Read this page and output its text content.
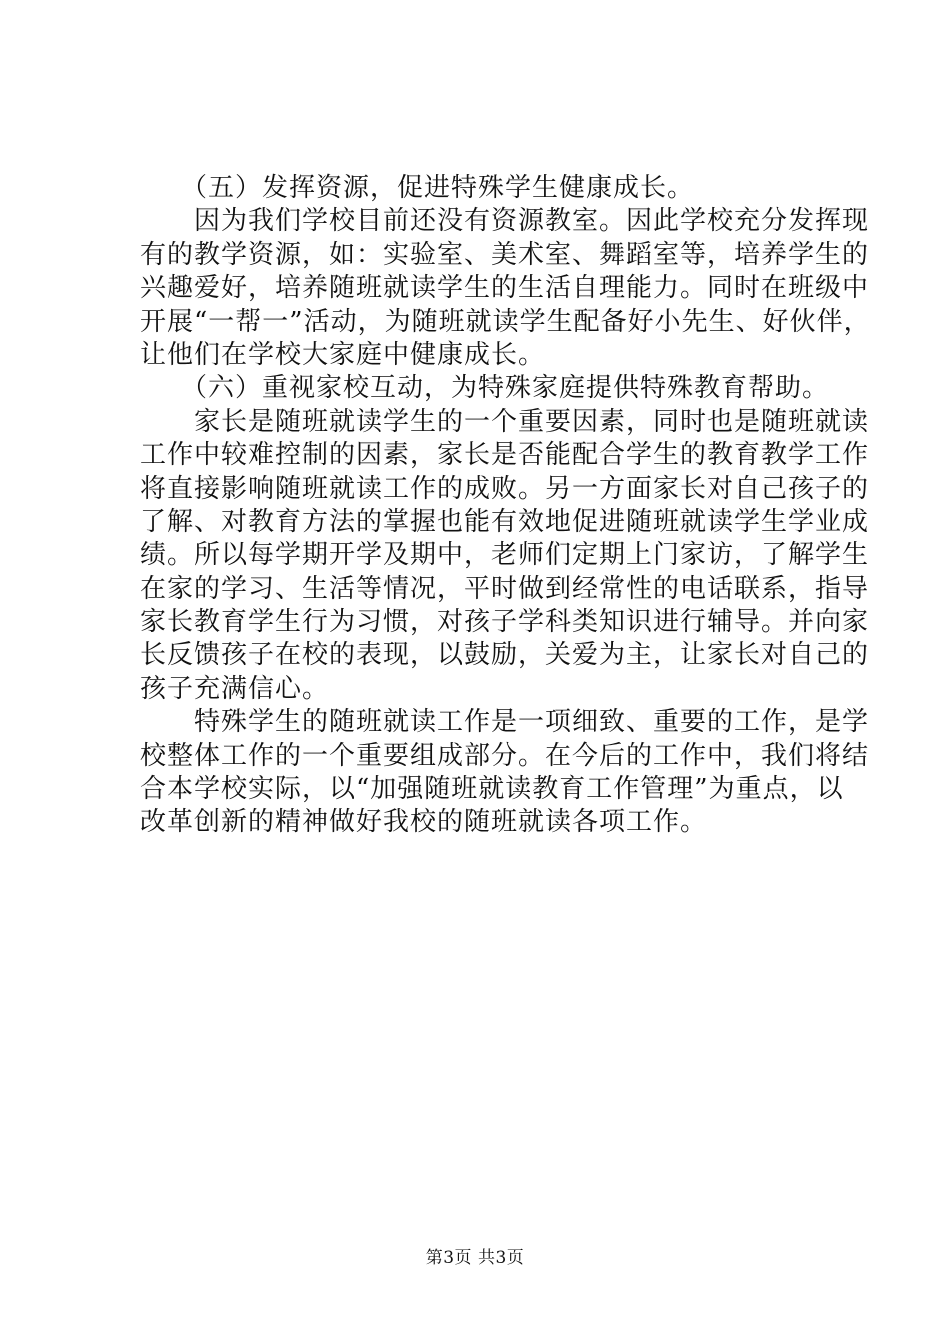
　　（五）发挥资源，促进特殊学生健康成长。
　　因为我们学校目前还没有资源教室。因此学校充分发挥现
有的教学资源，如：实验室、美术室、舞蹈室等，培养学生的
兴趣爱好，培养随班就读学生的生活自理能力。同时在班级中
开展“一帮一”活动，为随班就读学生配备好小先生、好伙伴，
让他们在学校大家庭中健康成长。
　　（六）重视家校互动，为特殊家庭提供特殊教育帮助。
　　家长是随班就读学生的一个重要因素，同时也是随班就读
工作中较难控制的因素，家长是否能配合学生的教育教学工作
将直接影响随班就读工作的成败。另一方面家长对自己孩子的
了解、对教育方法的掌握也能有效地促进随班就读学生学业成
绩。所以每学期开学及期中，老师们定期上门家访，了解学生
在家的学习、生活等情况，平时做到经常性的电话联系，指导
家长教育学生行为习惯，对孩子学科类知识进行辅导。并向家
长反馈孩子在校的表现，以鼓励，关爱为主，让家长对自己的
孩子充满信心。
　　特殊学生的随班就读工作是一项细致、重要的工作，是学
校整体工作的一个重要组成部分。在今后的工作中，我们将结
合本学校实际，以“加强随班就读教育工作管理”为重点，以
改革创新的精神做好我校的随班就读各项工作。
第3页 共3页
